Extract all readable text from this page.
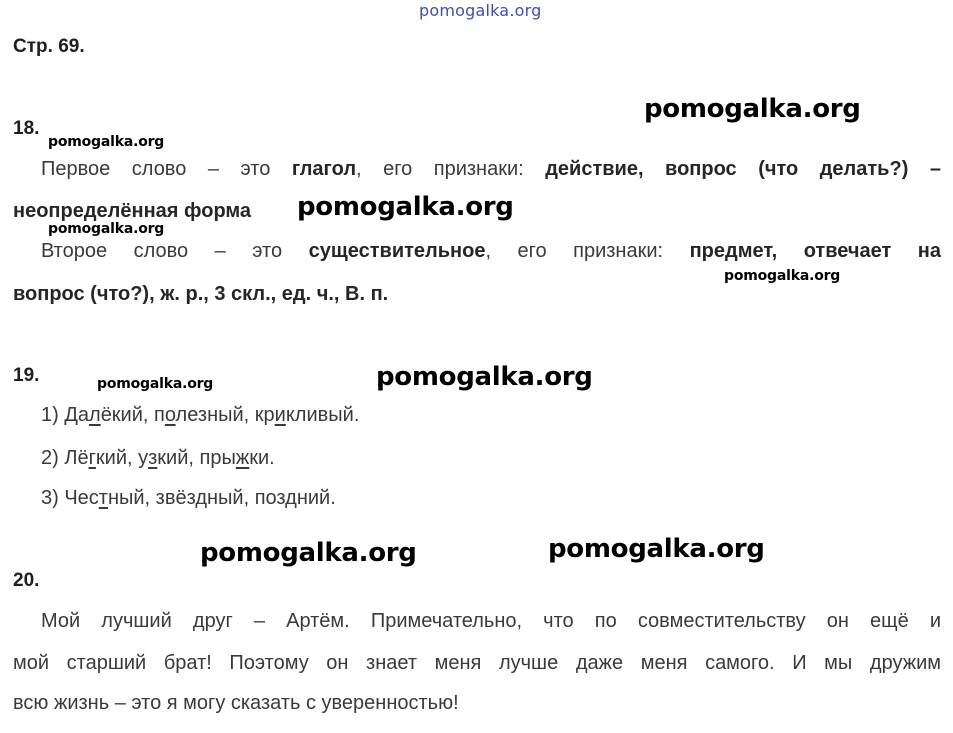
pomogalka.org
Стр. 69.
pomogalka.org
pomogalka.org
pomogalka.org
pomogalka.org
pomogalka.org
pomogalka.org	pomogalka.org
pomogalka.org	pomogalka.org
18.
Первое слово – это глагол, его признаки: действие, вопрос (что делать?) –
неопределённая форма
Второе слово – это существительное, его признаки: предмет, отвечает на
вопрос (что?), ж. р., 3 скл., ед. ч., В. п.
19.
1) Далёкий, полезный, крикливый.
2) Лёгкий, узкий, прыжки.
3) Честный, звёздный, поздний.
20.
Мой лучший друг – Артём. Примечательно, что по совместительству он ещё и
мой старший брат! Поэтому он знает меня лучше даже меня самого. И мы дружим
всю жизнь – это я могу сказать с уверенностью!
